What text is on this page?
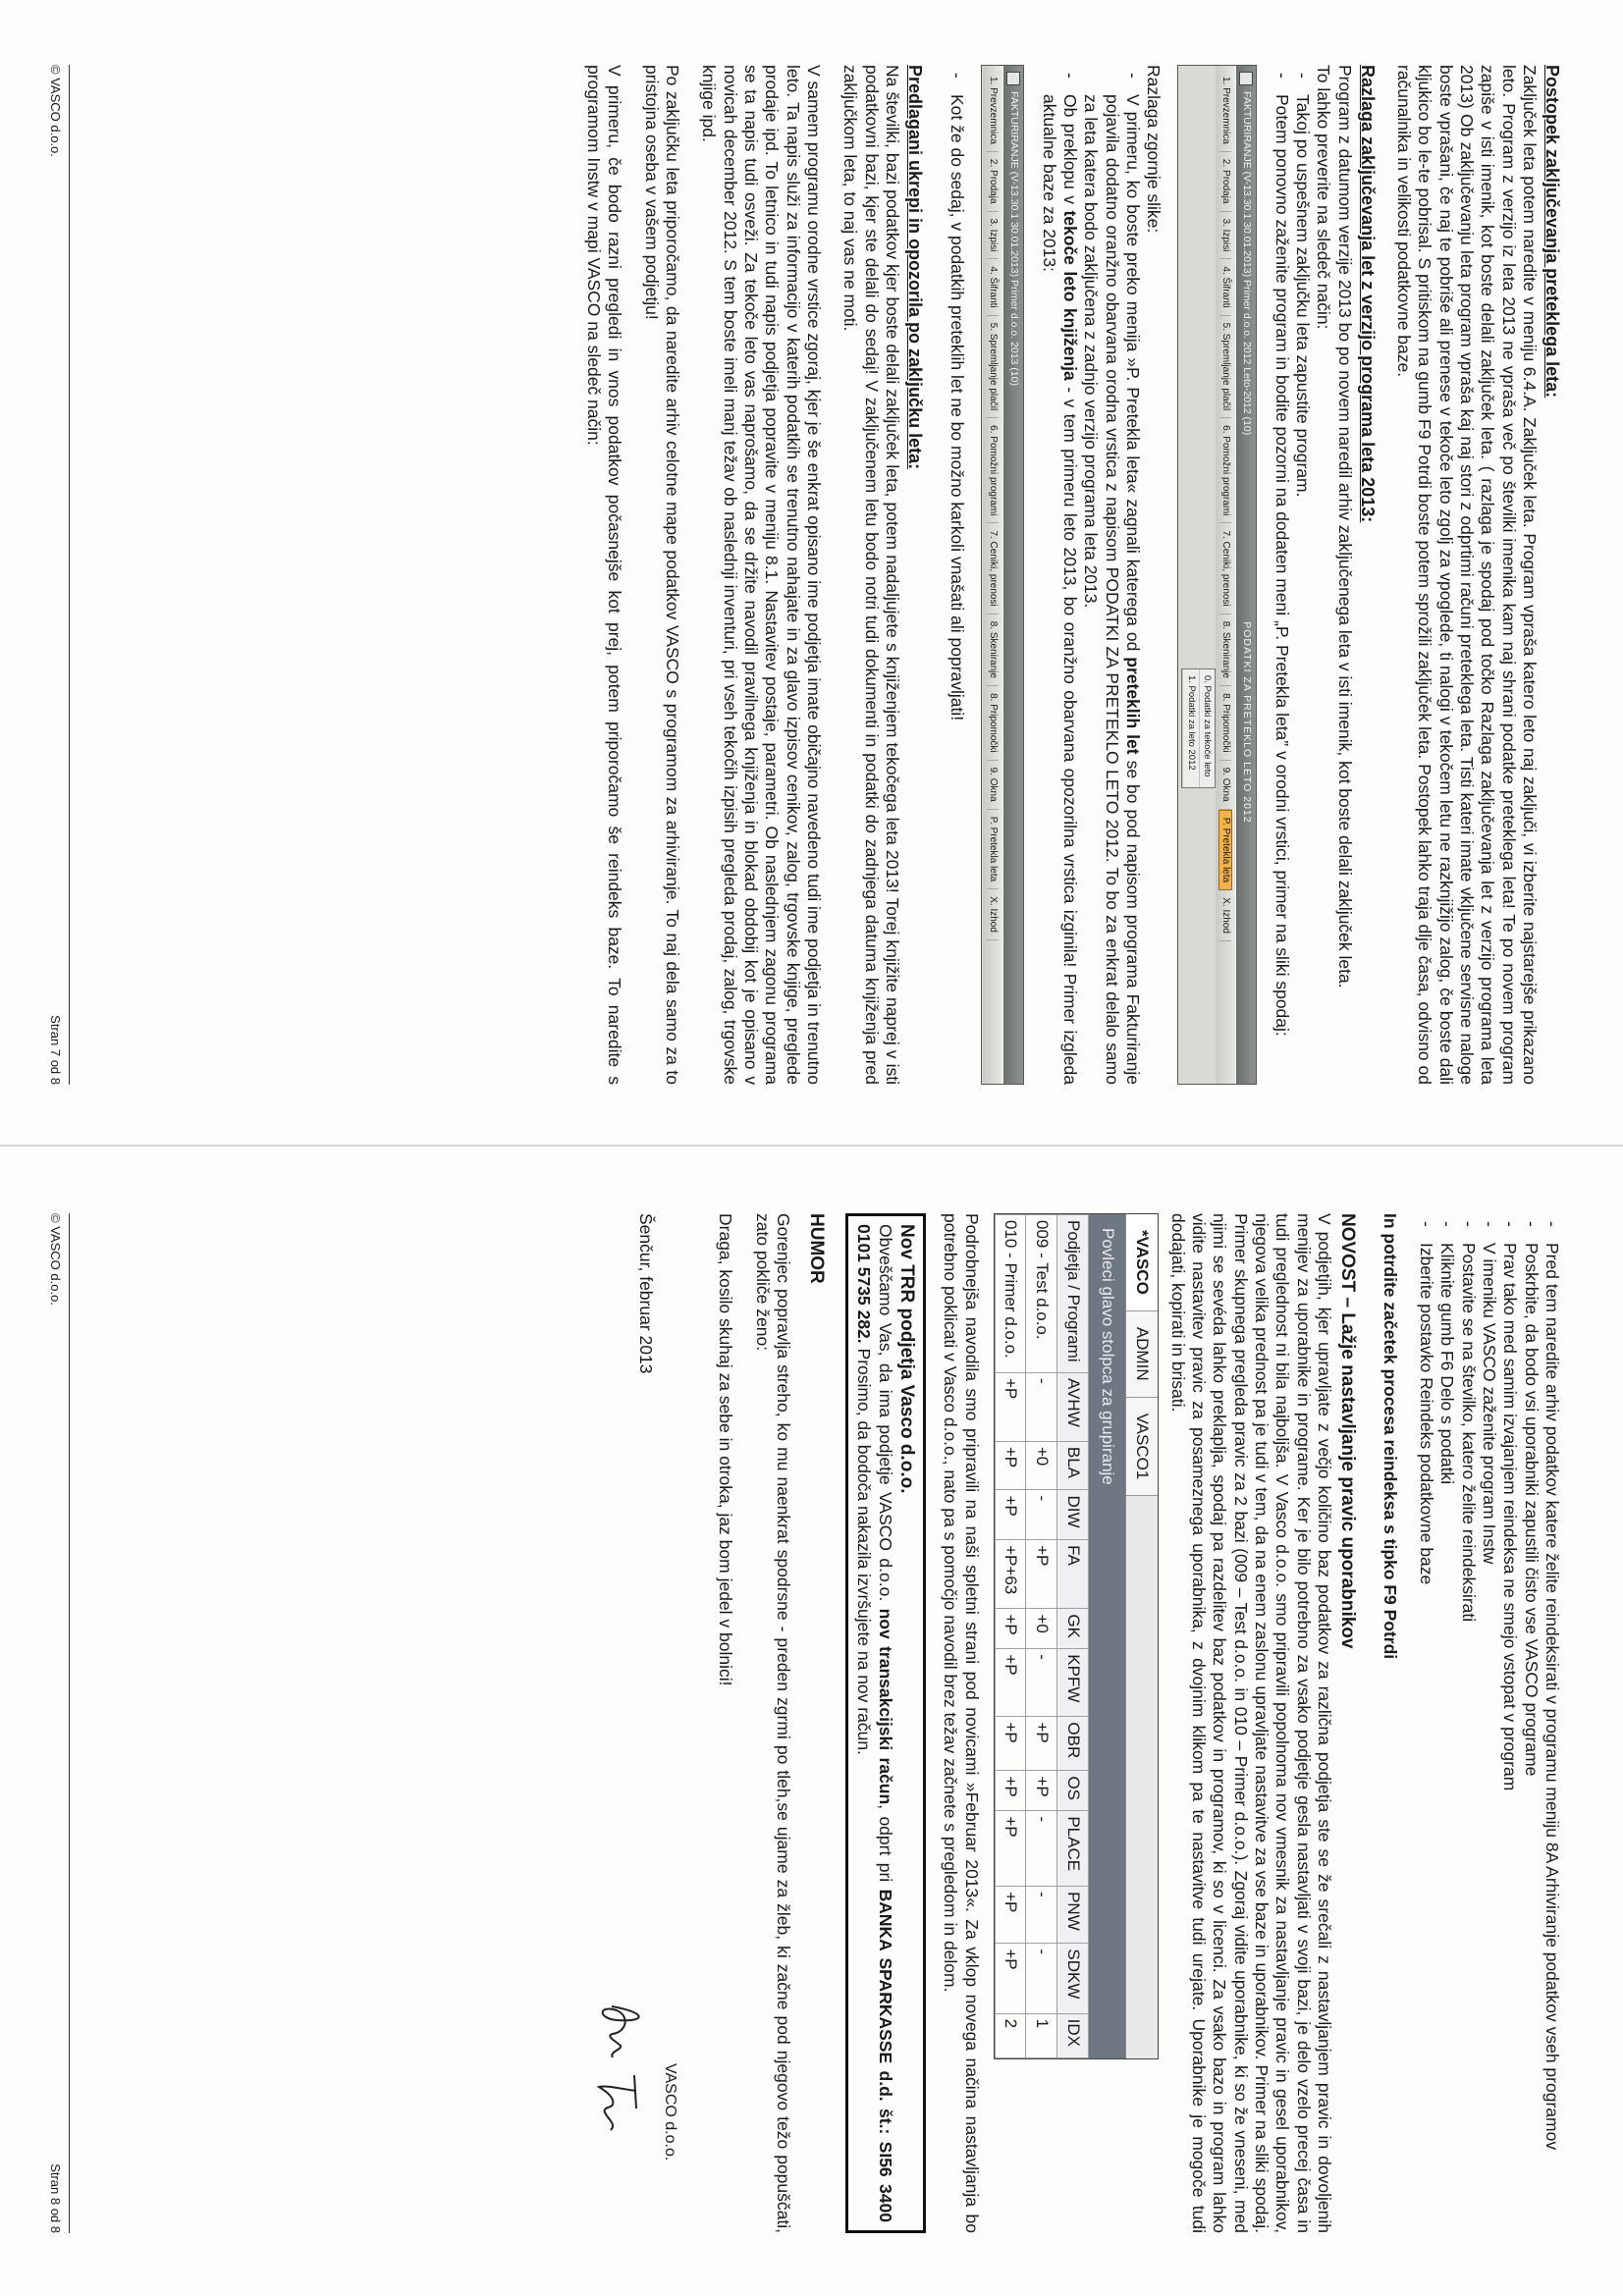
Postopek zaključevanja preteklega leta:

Zaključek leta potem naredite v meniju 6.4.A. Zaključek leta. Program vpraša katero leto naj zaključi, vi izberite najstarejše prikazano leto. Program z verzijo iz leta 2013 ne vpraša več po številki imenika kam naj shrani podatke preteklega leta! Te po novem program zapiše v isti imenik, kot boste delali zaključek leta. ( razlaga je spodaj pod točko Razlaga zaključevanja let z verzijo programa leta 2013) Ob zaključevanju leta program vpraša kaj naj stori z odprtimi računi preteklega leta. Tisti kateri imate vključene servisne naloge boste vprašani, če naj te pobriše ali prenese v tekoče leto zgolj za vpoglede, ti nalogi v tekočem letu ne razknjižijo zalog, če boste dali kljukico bo le-te pobrisal. S pritiskom na gumb F9 Potrdi boste potem sprožili zaključek leta. Postopek lahko traja dlje časa, odvisno od računalnika in velikosti podatkovne baze.

Razlaga zaključevanja let z verzijo programa leta 2013:

Program z datumom verzije 2013 bo po novem naredil arhiv zaključenega leta v isti imenik, kot boste delali zaključek leta.

To lahko preverite na sledeč način:

- Takoj po uspešnem zaključku leta zapustite program.
- Potem ponovno zaženite program in bodite pozorni na dodaten meni „P. Preteklа leta” v orodni vrstici, primer na sliki spodaj:
FAKTURIRANJE (V-13.30.1 30.01.2013) Primer d.o.o. 2012 Leto-2012 (10)
PODATKI ZA PRETEKLO LETO 2012
1. Prevzemnica
2. Prodaja
3. Izpisi
4. Šifranti
5. Spremljanje plačil
6. Pomožni programi
7. Ceniki, prenosi
8. Skeniranje
8. Pripomočki
9. Okna
P. Pretekla leta
X. Izhod
0. Podatki za tekoče leto
1. Podatki za leto 2012

Razlaga zgornje slike:

- V primeru, ko boste preko menija »P. Pretekla leta« zagnali katerega od preteklih let se bo pod napisom programa Fakturiranje pojavila dodatno oranžno obarvana orodna vrstica z napisom PODATKI ZA PRETEKLO LETO 2012. To bo za enkrat delalo samo za leta katera bodo zaključena z zadnjo verzijo programa leta 2013.
- Ob preklopu v tekoče leto knjiženja - v tem primeru leto 2013, bo oranžno obarvana opozorilna vrstica izginila! Primer izgleda aktualne baze za 2013:
FAKTURIRANJE (V-13.30.1 30.01.2013) Primer d.o.o. 2013 (10)
1. Prevzemnica
2. Prodaja
3. Izpisi
4. Šifranti
5. Spremljanje plačil
6. Pomožni programi
7. Ceniki, prenosi
8. Skeniranje
8. Pripomočki
9. Okna
P. Pretekla leta
X. Izhod
- Kot že do sedaj, v podatkih preteklih let ne bo možno karkoli vnašati ali popravljati!
Predlagani ukrepi in opozorila po zaključku leta:

Na številki, bazi podatkov kjer boste delali zaključek leta, potem nadaljujete s knjiženjem tekočega leta 2013! Torej knjižite naprej v isti podatkovni bazi, kjer ste delali do sedaj! V zaključenem letu bodo notri tudi dokumenti in podatki do zadnjega datuma knjiženja pred zaključkom leta, to naj vas ne moti.

V samem programu orodne vrstice zgoraj, kjer je še enkrat opisano ime podjetja imate običajno navedeno tudi ime podjetja in trenutno leto. Ta napis služi za informacijo v katerih podatkih se trenutno nahajate in za glavo izpisov cenikov, zalog, trgovske knjige, preglede prodaje ipd. To letnico in tudi napis podjetja popravite v meniju 8.1. Nastavitev postaje, parametri. Ob naslednjem zagonu programa se ta napis tudi osveži. Za tekoče leto vas naprošamo, da se držite navodil pravilnega knjiženja in blokad obdobij kot je opisano v novicah december 2012. S tem boste imeli manj težav ob naslednji inventuri, pri vseh tekočih izpisih pregleda prodaj, zalog, trgovske knjige ipd.

Po zaključku leta priporočamo, da naredite arhiv celotne mape podatkov VASCO s programom za arhiviranje. To naj dela samo za to pristojna oseba v vašem podjetju!

V primeru, če bodo razni pregledi in vnos podatkov počasnejše kot prej, potem priporočamo še reindeks baze. To naredite s programom Instw v mapi VASCO na sledeč način:

© VASCO d.o.o.
Stran 7 od 8
- Pred tem naredite arhiv podatkov katere želite reindeksirati v programu meniju 8A Arhiviranje podatkov vseh programov
- Poskrbite, da bodo vsi uporabniki zapustili čisto vse VASCO programe
- Prav tako med samim izvajanjem reindeksa ne smejo vstopat v program
- V imeniku VASCO zaženite program Instw
- Postavite se na številko, katero želite reindeksirati
- Kliknite gumb F6 Delo s podatki
- Izberite postavko Reindeks podatkovne baze

In potrdite začetek procesa reindeksa s tipko F9 Potrdi

NOVOST – Lažje nastavljanje pravic uporabnikov

V podjetjih, kjer upravljate z večjo količino baz podatkov za različna podjetja ste se že srečali z nastavljanjem pravic in dovoljenih menijev za uporabnike in programe. Ker je bilo potrebno za vsako podjetje gesla nastavljati v svoji bazi, je delo vzelo precej časa in tudi preglednost ni bila najboljša. V Vasco d.o.o. smo pripravili popolnoma nov vmesnik za nastavljanje pravic in gesel uporabnikov, njegova velika prednost pa je tudi v tem, da na enem zaslonu upravljate nastavitve za vse baze in uporabnikov. Primer na sliki spodaj. Primer skupnega pregleda pravic za 2 bazi (009 – Test d.o.o. in 010 – Primer d.o.o.). Zgoraj vidite uporabnike, ki so že vneseni, med njimi se sevéda lahko preklapljа, spodaj pa razdelitev baz podatkov in programov, ki so v licenci. Za vsako bazo in program lahko vidite nastavitev pravic za posameznega uporabnika, z dvojnim klikom pa te nastavitve tudi urejate. Uporabnike je mogoče tudi dodajati, kopirati in brisati.

*VASCO
ADMIN
VASCO1
Povleci glavo stolpca za grupiranje
Podjetja / Programi	AVHW	BLA	DIW	FA	GK	KPFW	OBR	OS	PLACE	PNW	SDKW	IDX
009 - Test d.o.o.	-	+0	-	+P	+0	-	+P	+P	-	-	-	1
010 - Primer d.o.o.	+P	+P	+P	+P+63	+P	+P	+P	+P	+P	+P	+P	2

Podrobnejša navodila smo pripravili na naši spletni strani pod novicami »Februar 2013«. Za vklop novega načina nastavljanja bo potrebno poklicati v Vasco d.o.o., nato pa s pomočjo navodil brez težav začnete s pregledom in delom.

Nov TRR podjetja Vasco d.o.o.
Obveščamo Vas, da ima podjetje VASCO d.o.o. nov transakcijski račun, odprt pri BANKA SPARKASSE d.d. št.: SI56 3400 0101 5735 282. Prosimo, da bodoča nakazila izvršujete na nov račun.
HUMOR

Gorenjec popravlja streho, ko mu naenkrat spodrsne - preden zgrmi po tleh,se ujame za žleb, ki začne pod njegovo težo popuščati, zato pokliče ženo:

Draga, kosilo skuhaj za sebe in otroka, jaz bom jedel v bolnici!

Šenčur, februar 2013
VASCO d.o.o.
© VASCO d.o.o.
Stran 8 od 8
